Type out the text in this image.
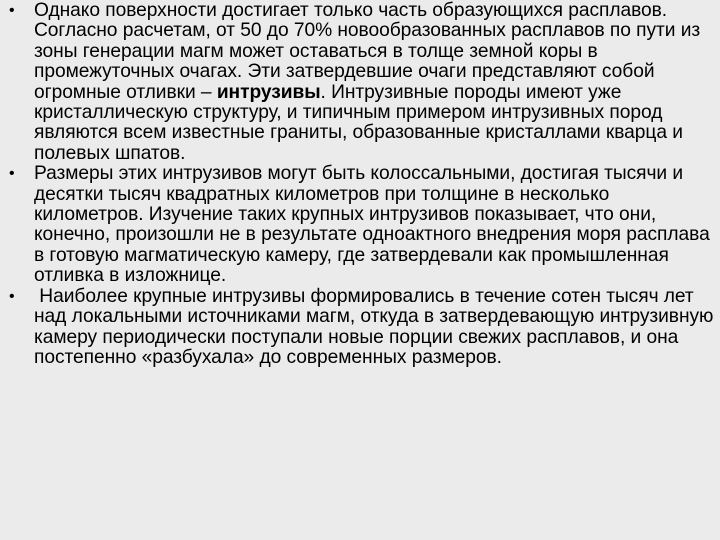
• Однако поверхности достигает только часть образующихся расплавов. Согласно расчетам, от 50 до 70% новообразованных расплавов по пути из зоны генерации магм может оставаться в толще земной коры в промежуточных очагах. Эти затвердевшие очаги представляют собой огромные отливки – интрузивы. Интрузивные породы имеют уже кристаллическую структуру, и типичным примером интрузивных пород являются всем известные граниты, образованные кристаллами кварца и полевых шпатов.
• Размеры этих интрузивов могут быть колоссальными, достигая тысячи и десятки тысяч квадратных километров при толщине в несколько километров. Изучение таких крупных интрузивов показывает, что они, конечно, произошли не в результате одноактного внедрения моря расплава в готовую магматическую камеру, где затвердевали как промышленная отливка в изложнице.
• Наиболее крупные интрузивы формировались в течение сотен тысяч лет над локальными источниками магм, откуда в затвердевающую интрузивную камеру периодически поступали новые порции свежих расплавов, и она постепенно «разбухала» до современных размеров.
